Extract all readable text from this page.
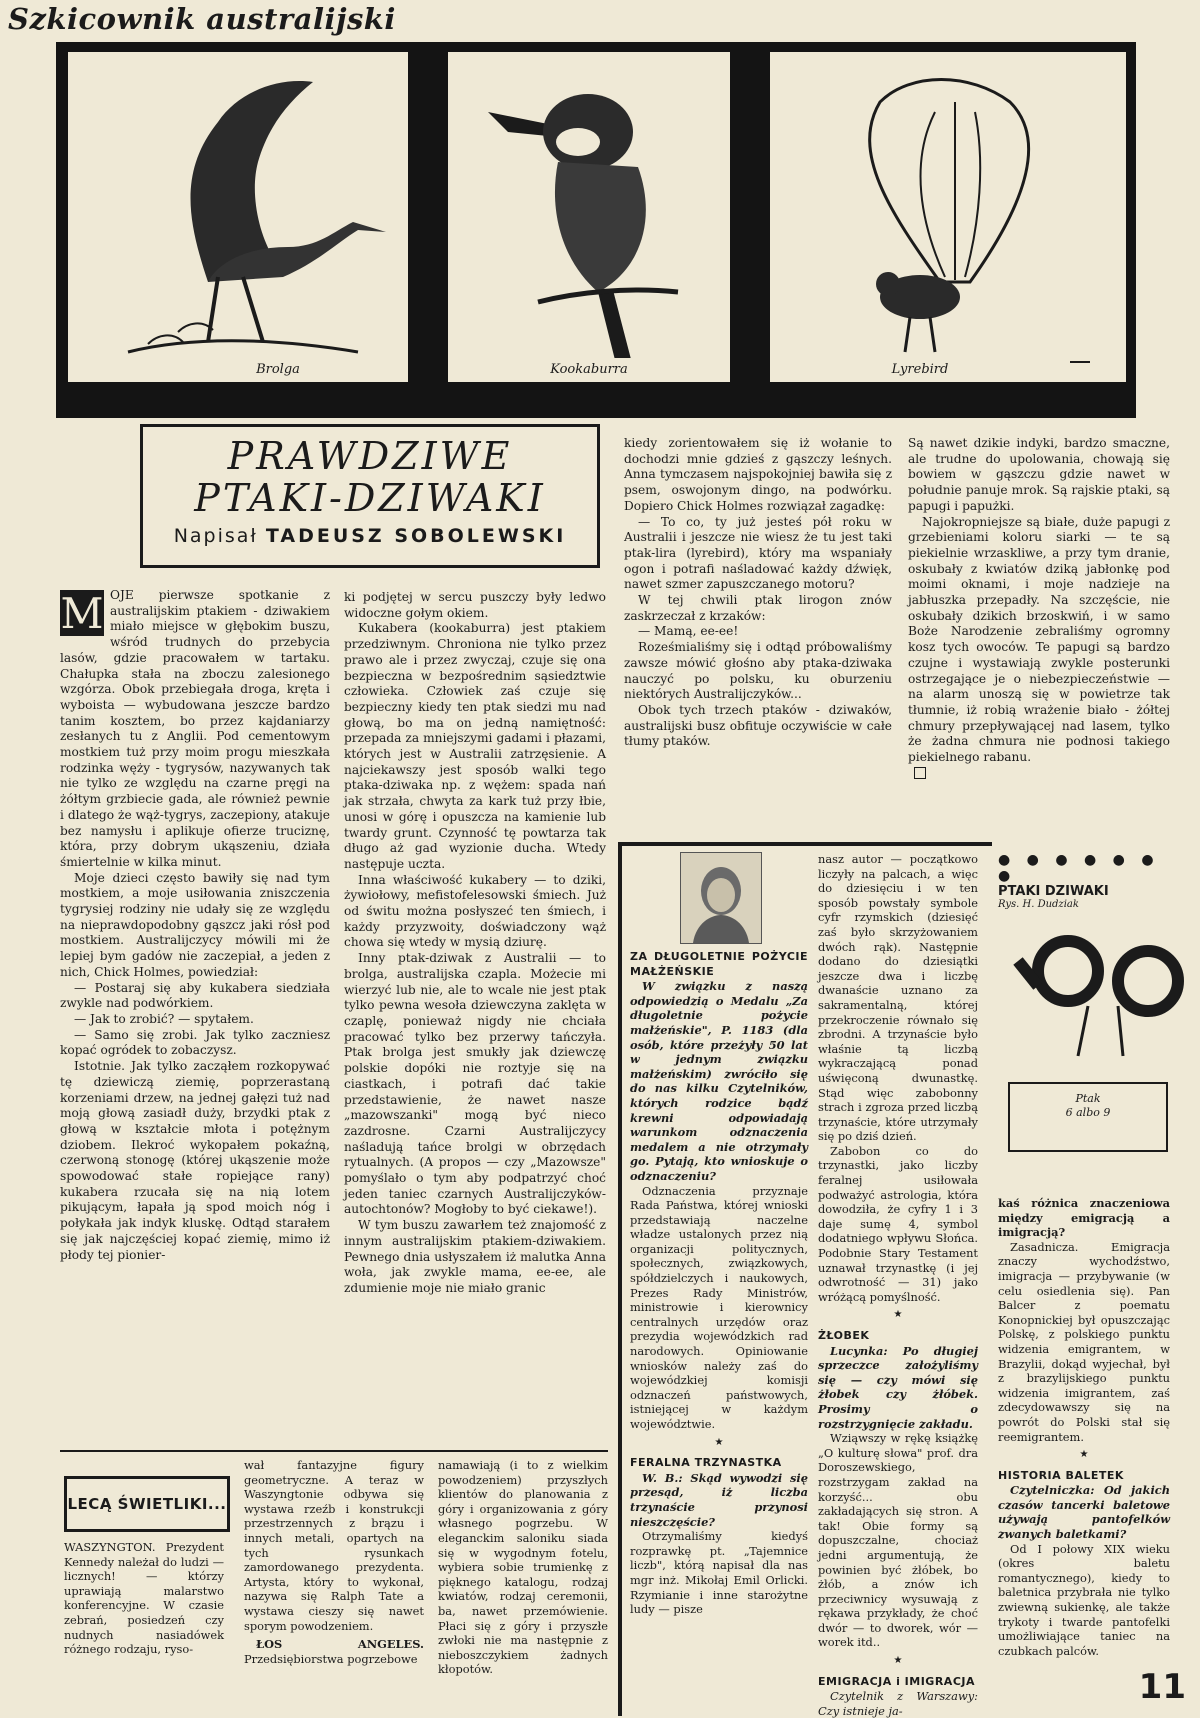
Szkicownik australijski
Brolga	Kookaburra	Lyrebird
PRAWDZIWE
PTAKI-DZIWAKI
Napisał TADEUSZ SOBOLEWSKI
M OJE pierwsze spotkanie z australijskim ptakiem - dziwakiem miało miejsce w głębokim buszu, wśród trudnych do przebycia lasów, gdzie pracowałem w tartaku. Chałupka stała na zboczu zalesionego wzgórza. Obok przebiegała droga, kręta i wyboista — wybudowana jeszcze bardzo tanim kosztem, bo przez kajdaniarzy zesłanych tu z Anglii. Pod cementowym mostkiem tuż przy moim progu mieszkała rodzinka węży - tygrysów, nazywanych tak nie tylko ze względu na czarne pręgi na żółtym grzbiecie gada, ale również pewnie i dlatego że wąż-tygrys, zaczepiony, atakuje bez namysłu i aplikuje ofierze truciznę, która, przy dobrym ukąszeniu, działa śmiertelnie w kilka minut.

Moje dzieci często bawiły się nad tym mostkiem, a moje usiłowania zniszczenia tygrysiej rodziny nie udały się ze względu na nieprawdopodobny gąszcz jaki rósł pod mostkiem. Australijczycy mówili mi że lepiej bym gadów nie zaczepiał, a jeden z nich, Chick Holmes, powiedział:

— Postaraj się aby kukabera siedziała zwykle nad podwórkiem.

— Jak to zrobić? — spytałem.

— Samo się zrobi. Jak tylko zaczniesz kopać ogródek to zobaczysz.

Istotnie. Jak tylko zacząłem rozkopywać tę dziewiczą ziemię, poprzerastaną korzeniami drzew, na jednej gałęzi tuż nad moją głową zasiadł duży, brzydki ptak z głową w kształcie młota i potężnym dziobem. Ilekroć wykopałem pokaźną, czerwoną stonogę (której ukąszenie może spowodować stałe ropiejące rany) kukabera rzucała się na nią lotem pikującym, łapała ją spod moich nóg i połykała jak indyk kluskę. Odtąd starałem się jak najczęściej kopać ziemię, mimo iż płody tej pionier-

ki podjętej w sercu puszczy były ledwo widoczne gołym okiem.

Kukabera (kookaburra) jest ptakiem przedziwnym. Chroniona nie tylko przez prawo ale i przez zwyczaj, czuje się ona bezpieczna w bezpośrednim sąsiedztwie człowieka. Człowiek zaś czuje się bezpieczny kiedy ten ptak siedzi mu nad głową, bo ma on jedną namiętność: przepada za mniejszymi gadami i płazami, których jest w Australii zatrzęsienie. A najciekawszy jest sposób walki tego ptaka-dziwaka np. z wężem: spada nań jak strzała, chwyta za kark tuż przy łbie, unosi w górę i opuszcza na kamienie lub twardy grunt. Czynność tę powtarza tak długo aż gad wyzionie ducha. Wtedy następuje uczta.

Inna właściwość kukabery — to dziki, żywiołowy, mefistofelesowski śmiech. Już od świtu można posłyszeć ten śmiech, i każdy przyzwoity, doświadczony wąż chowa się wtedy w mysią dziurę.

Inny ptak-dziwak z Australii — to brolga, australijska czapla. Możecie mi wierzyć lub nie, ale to wcale nie jest ptak tylko pewna wesoła dziewczyna zaklęta w czaplę, ponieważ nigdy nie chciała pracować tylko bez przerwy tańczyła. Ptak brolga jest smukły jak dziewczę polskie dopóki nie roztyje się na ciastkach, i potrafi dać takie przedstawienie, że nawet nasze „mazowszanki" mogą być nieco zazdrosne. Czarni Australijczycy naśladują tańce brolgi w obrzędach rytualnych. (A propos — czy „Mazowsze" pomyślało o tym aby podpatrzyć choć jeden taniec czarnych Australijczyków-autochtonów? Mogłoby to być ciekawe!).

W tym buszu zawarłem też znajomość z innym australijskim ptakiem-dziwakiem. Pewnego dnia usłyszałem iż malutka Anna woła, jak zwykle mama, ee-ee, ale zdumienie moje nie miało granic

kiedy zorientowałem się iż wołanie to dochodzi mnie gdzieś z gąszczy leśnych. Anna tymczasem najspokojniej bawiła się z psem, oswojonym dingo, na podwórku. Dopiero Chick Holmes rozwiązał zagadkę:

— To co, ty już jesteś pół roku w Australii i jeszcze nie wiesz że tu jest taki ptak-lira (lyrebird), który ma wspaniały ogon i potrafi naśladować każdy dźwięk, nawet szmer zapuszczanego motoru?

W tej chwili ptak lirogon znów zaskrzeczał z krzaków:

— Mamą, ee-ee!

Roześmialiśmy się i odtąd próbowaliśmy zawsze mówić głośno aby ptaka-dziwaka nauczyć po polsku, ku oburzeniu niektórych Australijczyków...

Obok tych trzech ptaków - dziwaków, australijski busz obfituje oczywiście w całe tłumy ptaków.

Są nawet dzikie indyki, bardzo smaczne, ale trudne do upolowania, chowają się bowiem w gąszczu gdzie nawet w południe panuje mrok. Są rajskie ptaki, są papugi i papużki.

Najokropniejsze są białe, duże papugi z grzebieniami koloru siarki — te są piekielnie wrzaskliwe, a przy tym dranie, oskubały z kwiatów dziką jabłonkę pod moimi oknami, i moje nadzieje na jabłuszka przepadły. Na szczęście, nie oskubały dzikich brzoskwiń, i w samo Boże Narodzenie zebraliśmy ogromny kosz tych owoców. Te papugi są bardzo czujne i wystawiają zwykle posterunki ostrzegające je o niebezpieczeństwie — na alarm unoszą się w powietrze tak tłumnie, iż robią wrażenie biało - żółtej chmury przepływającej nad lasem, tylko że żadna chmura nie podnosi takiego piekielnego rabanu.

● ● ● ● ● ● ●
PTAKI DZIWAKI
Rys. H. Dudziak
Ptak
6 albo 9

ZA DŁUGOLETNIE POŻYCIE MAŁŻEŃSKIE

W związku z naszą odpowiedzią o Medalu „Za długoletnie pożycie małżeńskie", P. 1183 (dla osób, które przeżyły 50 lat w jednym związku małżeńskim) zwróciło się do nas kilku Czytelników, których rodzice bądź krewni odpowiadają warunkom odznaczenia medalem a nie otrzymały go. Pytają, kto wnioskuje o odznaczeniu?

Odznaczenia przyznaje Rada Państwa, której wnioski przedstawiają naczelne władze ustalonych przez nią organizacji politycznych, społecznych, związkowych, spółdzielczych i naukowych, Prezes Rady Ministrów, ministrowie i kierownicy centralnych urzędów oraz prezydia wojewódzkich rad narodowych. Opiniowanie wniosków należy zaś do wojewódzkiej komisji odznaczeń państwowych, istniejącej w każdym województwie.

★

FERALNA TRZYNASTKA

W. B.: Skąd wywodzi się przesąd, iż liczba trzynaście przynosi nieszczęście?

Otrzymaliśmy kiedyś rozprawkę pt. „Tajemnice liczb", którą napisał dla nas mgr inż. Mikołaj Emil Orlicki. Rzymianie i inne starożytne ludy — pisze

nasz autor — początkowo liczyły na palcach, a więc do dziesięciu i w ten sposób powstały symbole cyfr rzymskich (dziesięć zaś było skrzyżowaniem dwóch rąk). Następnie dodano do dziesiątki jeszcze dwa i liczbę dwanaście uznano za sakramentalną, której przekroczenie równało się zbrodni. A trzynaście było właśnie tą liczbą wykraczającą ponad uświęconą dwunastkę. Stąd więc zabobonny strach i zgroza przed liczbą trzynaście, które utrzymały się po dziś dzień.

Zabobon co do trzynastki, jako liczby feralnej usiłowała podważyć astrologia, która dowodziła, że cyfry 1 i 3 daje sumę 4, symbol dodatniego wpływu Słońca. Podobnie Stary Testament uznawał trzynastkę (i jej odwrotność — 31) jako wróżącą pomyślność.

★

ŻŁOBEK

Lucynka: Po długiej sprzeczce założyliśmy się — czy mówi się żłobek czy żłóbek. Prosimy o rozstrzygnięcie zakładu.

Wziąwszy w rękę książkę „O kulturę słowa" prof. dra Doroszewskiego, rozstrzygam zakład na korzyść... obu zakładających się stron. A tak! Obie formy są dopuszczalne, chociaż jedni argumentują, że powinien być żłóbek, bo żłób, a znów ich przeciwnicy wysuwają z rękawa przykłady, że choć dwór — to dworek, wór — worek itd..

★

EMIGRACJA i IMIGRACJA

Czytelnik z Warszawy: Czy istnieje ja-

kaś różnica znaczeniowa między emigracją a imigracją?

Zasadnicza. Emigracja znaczy wychodźstwo, imigracja — przybywanie (w celu osiedlenia się). Pan Balcer z poematu Konopnickiej był opuszczając Polskę, z polskiego punktu widzenia emigrantem, w Brazylii, dokąd wyjechał, był z brazylijskiego punktu widzenia imigrantem, zaś zdecydowawszy się na powrót do Polski stał się reemigrantem.

★

HISTORIA BALETEK

Czytelniczka: Od jakich czasów tancerki baletowe używają pantofelków zwanych baletkami?

Od I połowy XIX wieku (okres baletu romantycznego), kiedy to baletnica przybrała nie tylko zwiewną sukienkę, ale także trykoty i twarde pantofelki umożliwiające taniec na czubkach palców.

LECĄ ŚWIETLIKI...

WASZYNGTON. Prezydent Kennedy należał do ludzi — licznych! — którzy uprawiają malarstwo konferencyjne. W czasie zebrań, posiedzeń czy nudnych nasiadówek różnego rodzaju, ryso-

wał fantazyjne figury geometryczne. A teraz w Waszyngtonie odbywa się wystawa rzeźb i konstrukcji przestrzennych z brązu i innych metali, opartych na tych rysunkach zamordowanego prezydenta. Artysta, który to wykonał, nazywa się Ralph Tate a wystawa cieszy się nawet sporym powodzeniem.

ŁOS ANGELES. Przedsiębiorstwa pogrzebowe

namawiają (i to z wielkim powodzeniem) przyszłych klientów do planowania z góry i organizowania z góry własnego pogrzebu. W eleganckim saloniku siada się w wygodnym fotelu, wybiera sobie trumienkę z pięknego katalogu, rodzaj kwiatów, rodzaj ceremonii, ba, nawet przemówienie. Płaci się z góry i przyszłe zwłoki nie ma następnie z nieboszczykiem żadnych kłopotów.	11
